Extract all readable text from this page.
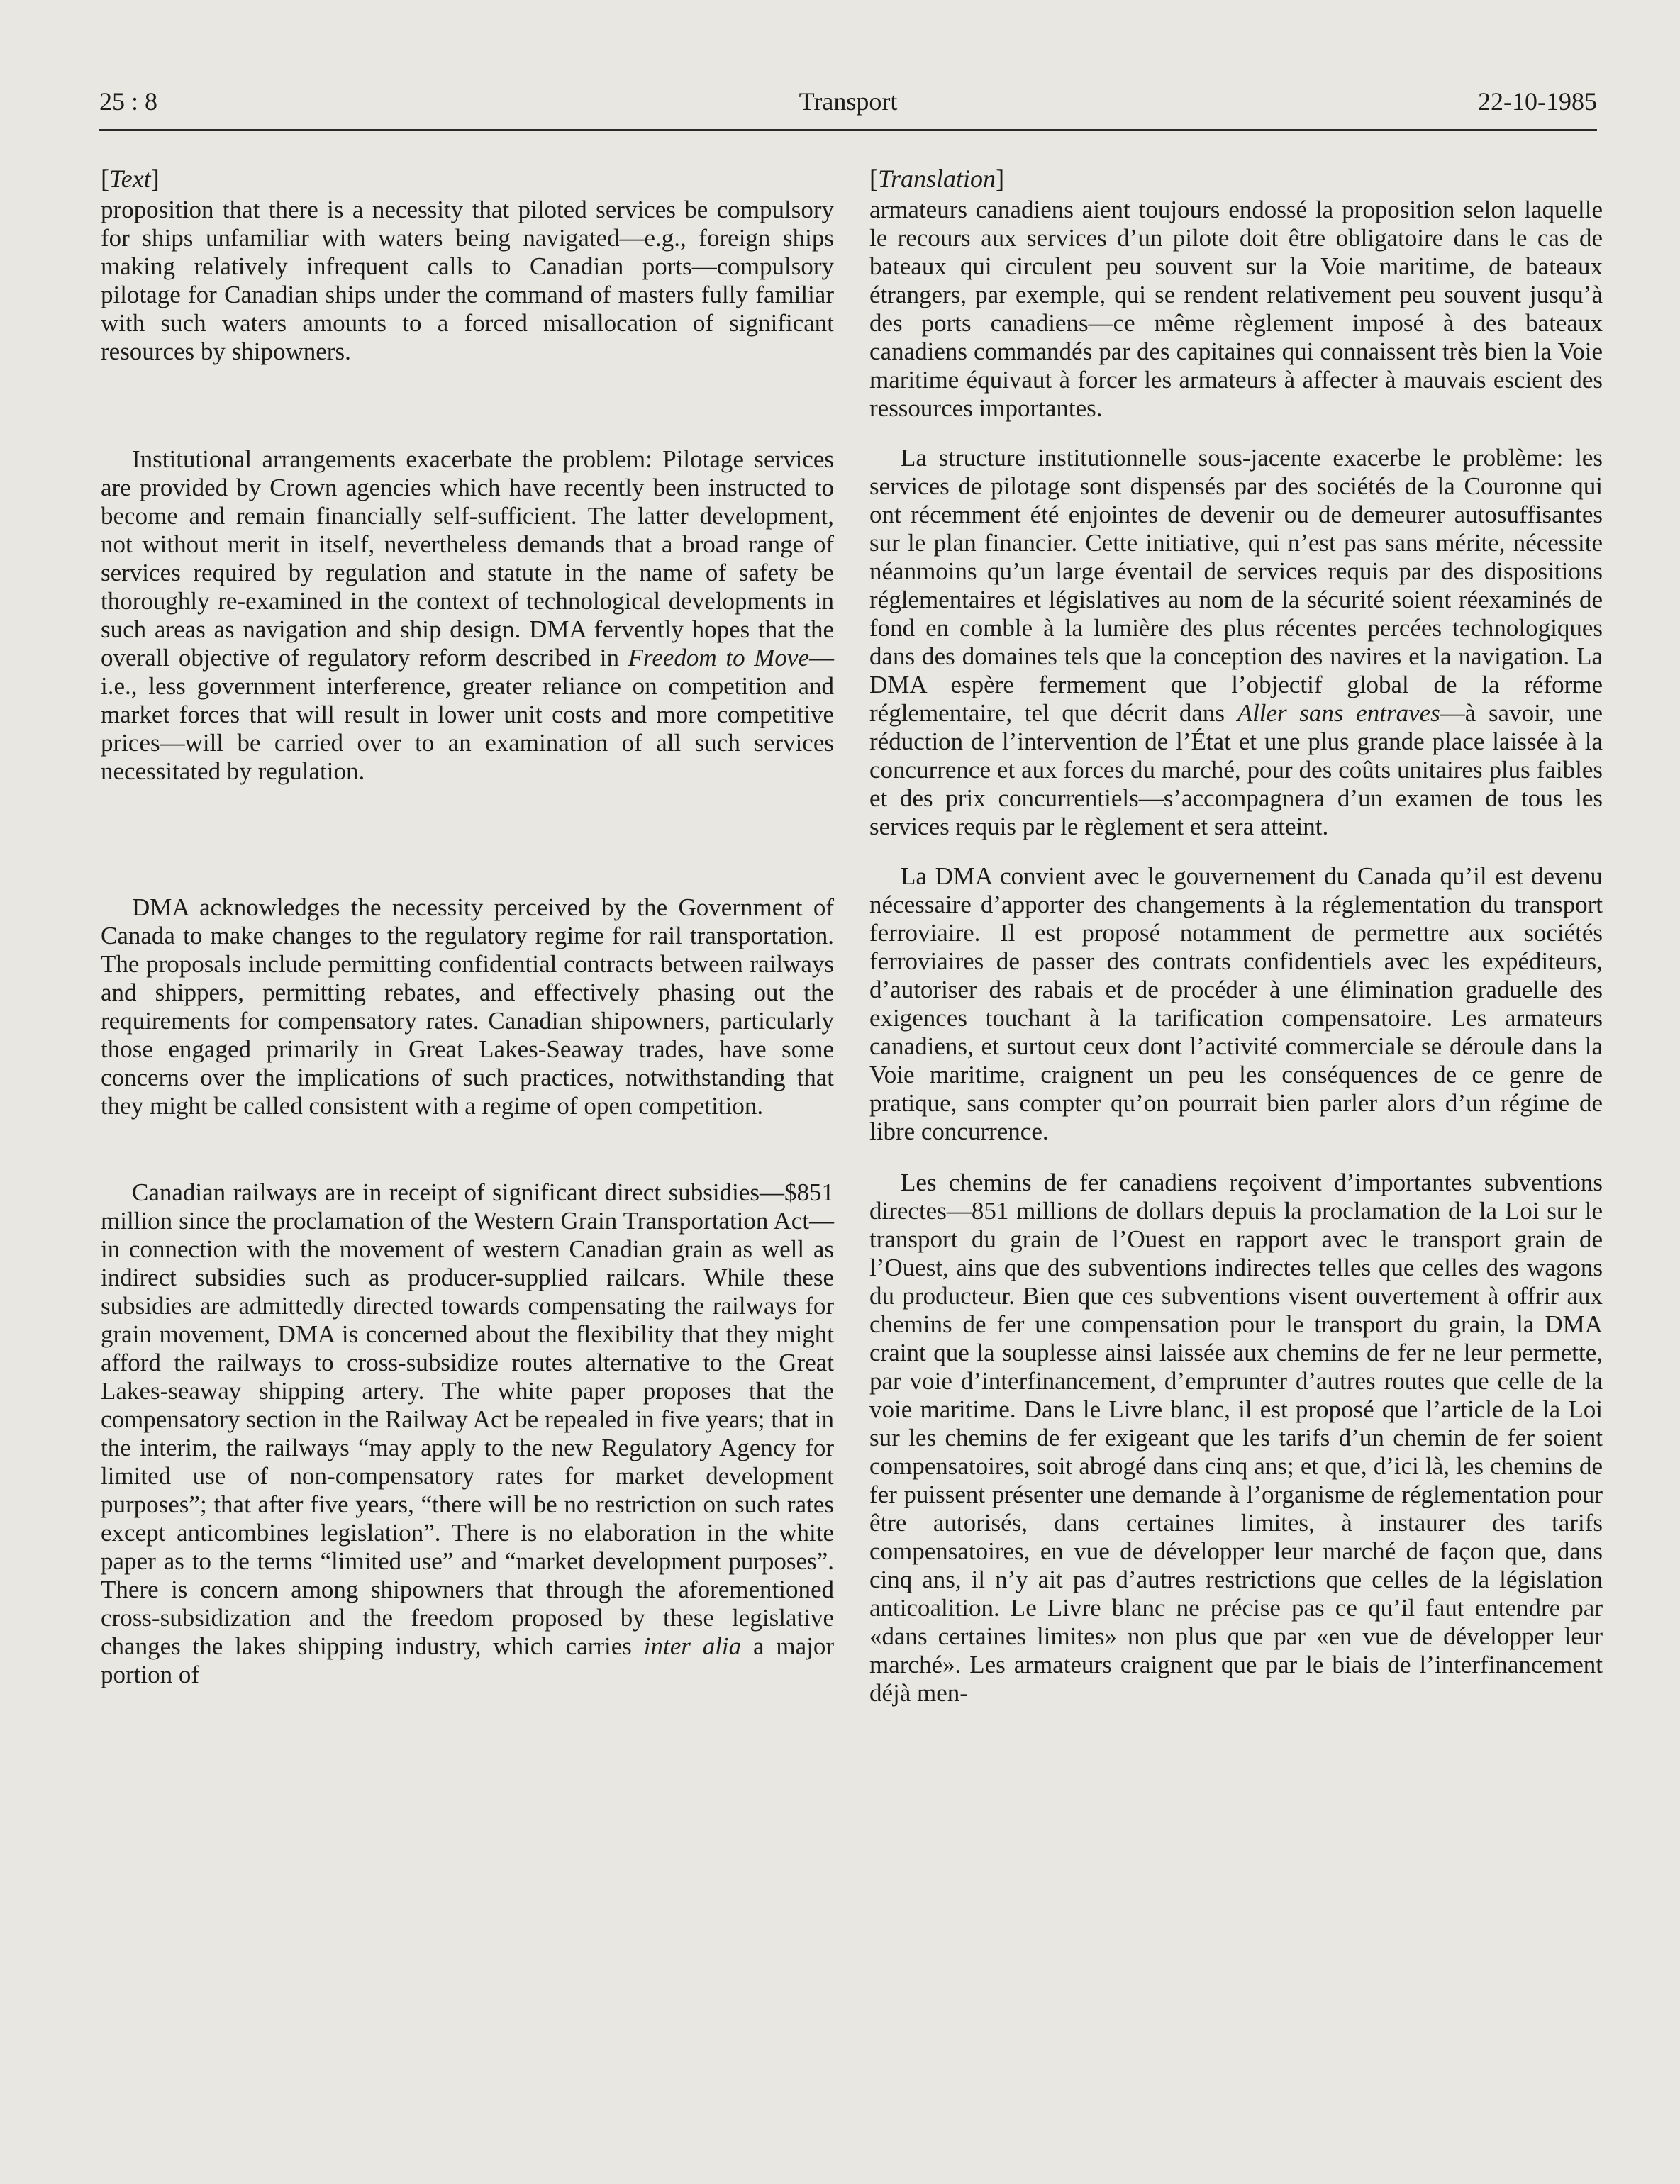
25 : 8	Transport	22-10-1985
[Text]

proposition that there is a necessity that piloted services be compulsory for ships unfamiliar with waters being navigated—e.g., foreign ships making relatively infrequent calls to Canadian ports—compulsory pilotage for Canadian ships under the command of masters fully familiar with such waters amounts to a forced misallocation of significant resources by shipowners.

Institutional arrangements exacerbate the problem: Pilotage services are provided by Crown agencies which have recently been instructed to become and remain financially self-sufficient. The latter development, not without merit in itself, nevertheless demands that a broad range of services required by regulation and statute in the name of safety be thoroughly re-examined in the context of technological developments in such areas as navigation and ship design. DMA fervently hopes that the overall objective of regulatory reform described in Freedom to Move—i.e., less government interference, greater reliance on competition and market forces that will result in lower unit costs and more competitive prices—will be carried over to an examination of all such services necessitated by regulation.

DMA acknowledges the necessity perceived by the Government of Canada to make changes to the regulatory regime for rail transportation. The proposals include permitting confidential contracts between railways and shippers, permitting rebates, and effectively phasing out the requirements for compensatory rates. Canadian shipowners, particularly those engaged primarily in Great Lakes-Seaway trades, have some concerns over the implications of such practices, notwithstanding that they might be called consistent with a regime of open competition.

Canadian railways are in receipt of significant direct subsidies—$851 million since the proclamation of the Western Grain Transportation Act—in connection with the movement of western Canadian grain as well as indirect subsidies such as producer-supplied railcars. While these subsidies are admittedly directed towards compensating the railways for grain movement, DMA is concerned about the flexibility that they might afford the railways to cross-subsidize routes alternative to the Great Lakes-seaway shipping artery. The white paper proposes that the compensatory section in the Railway Act be repealed in five years; that in the interim, the railways “may apply to the new Regulatory Agency for limited use of non-compensatory rates for market development purposes”; that after five years, “there will be no restriction on such rates except anticombines legislation”. There is no elaboration in the white paper as to the terms “limited use” and “market development purposes”. There is concern among shipowners that through the aforementioned cross-subsidization and the freedom proposed by these legislative changes the lakes shipping industry, which carries inter alia a major portion of

[Translation]

armateurs canadiens aient toujours endossé la proposition selon laquelle le recours aux services d’un pilote doit être obligatoire dans le cas de bateaux qui circulent peu souvent sur la Voie maritime, de bateaux étrangers, par exemple, qui se rendent relativement peu souvent jusqu’à des ports canadiens—ce même règlement imposé à des bateaux canadiens commandés par des capitaines qui connaissent très bien la Voie maritime équivaut à forcer les armateurs à affecter à mauvais escient des ressources importantes.

La structure institutionnelle sous-jacente exacerbe le problème: les services de pilotage sont dispensés par des sociétés de la Couronne qui ont récemment été enjointes de devenir ou de demeurer autosuffisantes sur le plan financier. Cette initiative, qui n’est pas sans mérite, nécessite néanmoins qu’un large éventail de services requis par des dispositions réglementaires et législatives au nom de la sécurité soient réexaminés de fond en comble à la lumière des plus récentes percées technologiques dans des domaines tels que la conception des navires et la navigation. La DMA espère fermement que l’objectif global de la réforme réglementaire, tel que décrit dans Aller sans entraves—à savoir, une réduction de l’intervention de l’État et une plus grande place laissée à la concurrence et aux forces du marché, pour des coûts unitaires plus faibles et des prix concurrentiels—s’accompagnera d’un examen de tous les services requis par le règlement et sera atteint.

La DMA convient avec le gouvernement du Canada qu’il est devenu nécessaire d’apporter des changements à la réglementation du transport ferroviaire. Il est proposé notamment de permettre aux sociétés ferroviaires de passer des contrats confidentiels avec les expéditeurs, d’autoriser des rabais et de procéder à une élimination graduelle des exigences touchant à la tarification compensatoire. Les armateurs canadiens, et surtout ceux dont l’activité commerciale se déroule dans la Voie maritime, craignent un peu les conséquences de ce genre de pratique, sans compter qu’on pourrait bien parler alors d’un régime de libre concurrence.

Les chemins de fer canadiens reçoivent d’importantes subventions directes—851 millions de dollars depuis la proclamation de la Loi sur le transport du grain de l’Ouest en rapport avec le transport grain de l’Ouest, ains que des subventions indirectes telles que celles des wagons du producteur. Bien que ces subventions visent ouvertement à offrir aux chemins de fer une compensation pour le transport du grain, la DMA craint que la souplesse ainsi laissée aux chemins de fer ne leur permette, par voie d’interfinancement, d’emprunter d’autres routes que celle de la voie maritime. Dans le Livre blanc, il est proposé que l’article de la Loi sur les chemins de fer exigeant que les tarifs d’un chemin de fer soient compensatoires, soit abrogé dans cinq ans; et que, d’ici là, les chemins de fer puissent présenter une demande à l’organisme de réglementation pour être autorisés, dans certaines limites, à instaurer des tarifs compensatoires, en vue de développer leur marché de façon que, dans cinq ans, il n’y ait pas d’autres restrictions que celles de la législation anticoalition. Le Livre blanc ne précise pas ce qu’il faut entendre par «dans certaines limites» non plus que par «en vue de développer leur marché». Les armateurs craignent que par le biais de l’interfinancement déjà men-
